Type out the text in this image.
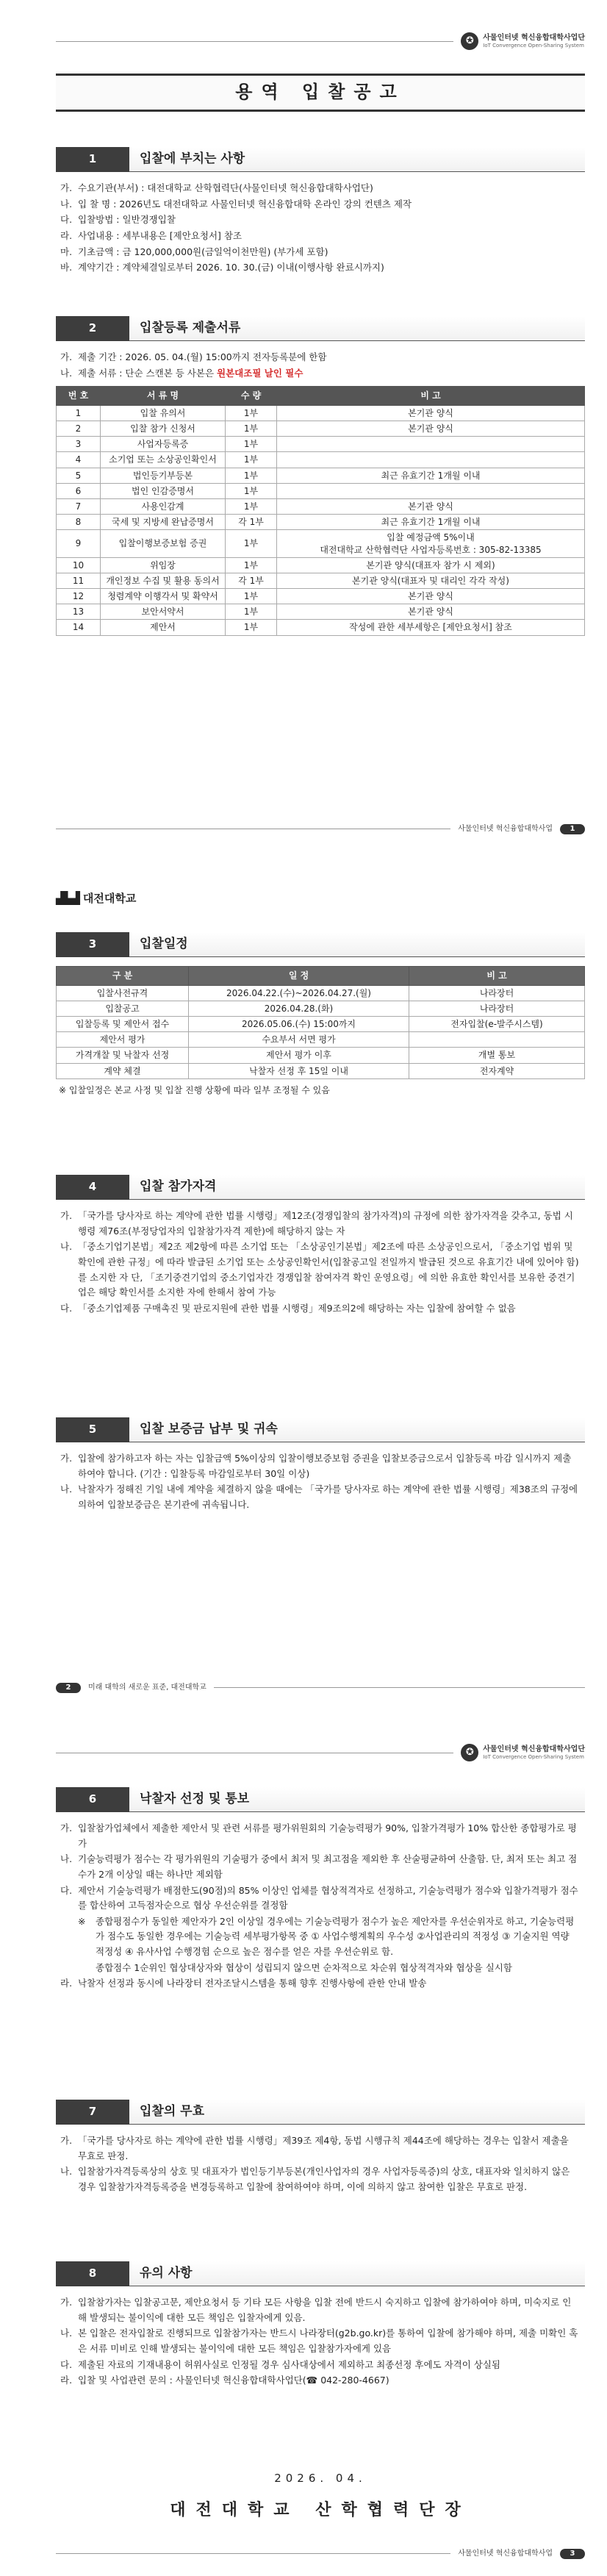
✪	사물인터넷 혁신융합대학사업단
IoT Convergence Open-Sharing System
용역 입찰공고
1	입찰에 부치는 사항
가. 수요기관(부서) : 대전대학교 산학협력단(사물인터넷 혁신융합대학사업단)
나. 입 찰 명 : 2026년도 대전대학교 사물인터넷 혁신융합대학 온라인 강의 컨텐츠 제작
다. 입찰방법 : 일반경쟁입찰
라. 사업내용 : 세부내용은 [제안요청서] 참조
마. 기초금액 : 금 120,000,000원(금일억이천만원) (부가세 포함)
바. 계약기간 : 계약체결일로부터 2026. 10. 30.(금) 이내(이행사항 완료시까지)
2	입찰등록 제출서류
가. 제출 기간 : 2026. 05. 04.(월) 15:00까지 전자등록분에 한함
나. 제출 서류 : 단순 스캔본 등 사본은 원본대조필 날인 필수
번 호	서 류 명	수 량	비 고
1	입찰 유의서	1부	본기관 양식
2	입찰 참가 신청서	1부	본기관 양식
3	사업자등록증	1부	
4	소기업 또는 소상공인확인서	1부	
5	법인등기부등본	1부	최근 유효기간 1개월 이내
6	법인 인감증명서	1부	
7	사용인감계	1부	본기관 양식
8	국세 및 지방세 완납증명서	각 1부	최근 유효기간 1개월 이내
9	입찰이행보증보험 증권	1부	입찰 예정금액 5%이내
대전대학교 산학협력단 사업자등록번호 : 305-82-13385
10	위임장	1부	본기관 양식(대표자 참가 시 제외)
11	개인정보 수집 및 활용 동의서	각 1부	본기관 양식(대표자 및 대리인 각각 작성)
12	청렴계약 이행각서 및 확약서	1부	본기관 양식
13	보안서약서	1부	본기관 양식
14	제안서	1부	작성에 관한 세부세항은 [제안요청서] 참조
사물인터넷 혁신융합대학사업	1
▟▙▟ 대전대학교
3	입찰일정
구 분	일 정	비 고
입찰사전규격	2026.04.22.(수)~2026.04.27.(월)	나라장터
입찰공고	2026.04.28.(화)	나라장터
입찰등록 및 제안서 접수	2026.05.06.(수) 15:00까지	전자입찰(e-발주시스템)
제안서 평가	수요부서 서면 평가	
가격개찰 및 낙찰자 선정	제안서 평가 이후	개별 통보
계약 체결	낙찰자 선정 후 15일 이내	전자계약
※ 입찰일정은 본교 사정 및 입찰 진행 상황에 따라 일부 조정될 수 있음
4	입찰 참가자격
가. 「국가를 당사자로 하는 계약에 관한 법률 시행령」제12조(경쟁입찰의 참가자격)의 규정에 의한 참가자격을 갖추고, 동법 시행령 제76조(부정당업자의 입찰참가자격 제한)에 해당하지 않는 자
나. 「중소기업기본법」제2조 제2항에 따른 소기업 또는 「소상공인기본법」제2조에 따른 소상공인으로서, 「중소기업 범위 및 확인에 관한 규정」에 따라 발급된 소기업 또는 소상공인확인서(입찰공고일 전일까지 발급된 것으로 유효기간 내에 있어야 함)를 소지한 자 단, 「조기중견기업의 중소기업자간 경쟁입찰 참여자격 확인 운영요령」에 의한 유효한 확인서를 보유한 중견기업은 해당 확인서를 소지한 자에 한해서 참여 가능
다. 「중소기업제품 구매촉진 및 판로지원에 관한 법률 시행령」제9조의2에 해당하는 자는 입찰에 참여할 수 없음
5	입찰 보증금 납부 및 귀속
가. 입찰에 참가하고자 하는 자는 입찰금액 5%이상의 입찰이행보증보험 증권을 입찰보증금으로서 입찰등록 마감 일시까지 제출하여야 합니다. (기간 : 입찰등록 마감일로부터 30일 이상)
나. 낙찰자가 정해진 기일 내에 계약을 체결하지 않을 때에는 「국가를 당사자로 하는 계약에 관한 법률 시행령」제38조의 규정에 의하여 입찰보증금은 본기관에 귀속됩니다.
2	미래 대학의 새로운 표준, 대전대학교
✪	사물인터넷 혁신융합대학사업단
IoT Convergence Open-Sharing System
6	낙찰자 선정 및 통보
가. 입찰참가업체에서 제출한 제안서 및 관련 서류를 평가위원회의 기술능력평가 90%, 입찰가격평가 10% 합산한 종합평가로 평가
나. 기술능력평가 점수는 각 평가위원의 기술평가 중에서 최저 및 최고점을 제외한 후 산술평균하여 산출함. 단, 최저 또는 최고 점수가 2개 이상일 때는 하나만 제외함
다. 제안서 기술능력평가 배점한도(90점)의 85% 이상인 업체를 협상적격자로 선정하고, 기술능력평가 점수와 입찰가격평가 점수를 합산하여 고득점자순으로 협상 우선순위를 결정함
※	종합평점수가 동일한 제안자가 2인 이상일 경우에는 기술능력평가 점수가 높은 제안자를 우선순위자로 하고, 기술능력평가 점수도 동일한 경우에는 기술능력 세부평가항목 중 ① 사업수행계획의 우수성 ②사업관리의 적정성 ③ 기술지원 역량 적정성 ④ 유사사업 수행경험 순으로 높은 점수를 얻은 자를 우선순위로 함.
종합점수 1순위인 협상대상자와 협상이 성립되지 않으면 순차적으로 차순위 협상적격자와 협상을 실시함
라. 낙찰자 선정과 동시에 나라장터 전자조달시스템을 통해 향후 진행사항에 관한 안내 발송
7	입찰의 무효
가. 「국가를 당사자로 하는 계약에 관한 법률 시행령」제39조 제4항, 동법 시행규칙 제44조에 해당하는 경우는 입찰서 제출을 무효로 판정.
나. 입찰참가자격등록상의 상호 및 대표자가 법인등기부등본(개인사업자의 경우 사업자등록증)의 상호, 대표자와 일치하지 않은 경우 입찰참가자격등록증을 변경등록하고 입찰에 참여하여야 하며, 이에 의하지 않고 참여한 입찰은 무효로 판정.
8	유의 사항
가. 입찰참가자는 입찰공고문, 제안요청서 등 기타 모든 사항을 입찰 전에 반드시 숙지하고 입찰에 참가하여야 하며, 미숙지로 인해 발생되는 불이익에 대한 모든 책임은 입찰자에게 있음.
나. 본 입찰은 전자입찰로 진행되므로 입찰참가자는 반드시 나라장터(g2b.go.kr)를 통하여 입찰에 참가해야 하며, 제출 미확인 혹은 서류 미비로 인해 발생되는 불이익에 대한 모든 책임은 입찰참가자에게 있음
다. 제출된 자료의 기재내용이 허위사실로 인정될 경우 심사대상에서 제외하고 최종선정 후에도 자격이 상실됨
라. 입찰 및 사업관련 문의 : 사물인터넷 혁신융합대학사업단(☎ 042-280-4667)
2026. 04.
대전대학교 산학협력단장
사물인터넷 혁신융합대학사업	3
